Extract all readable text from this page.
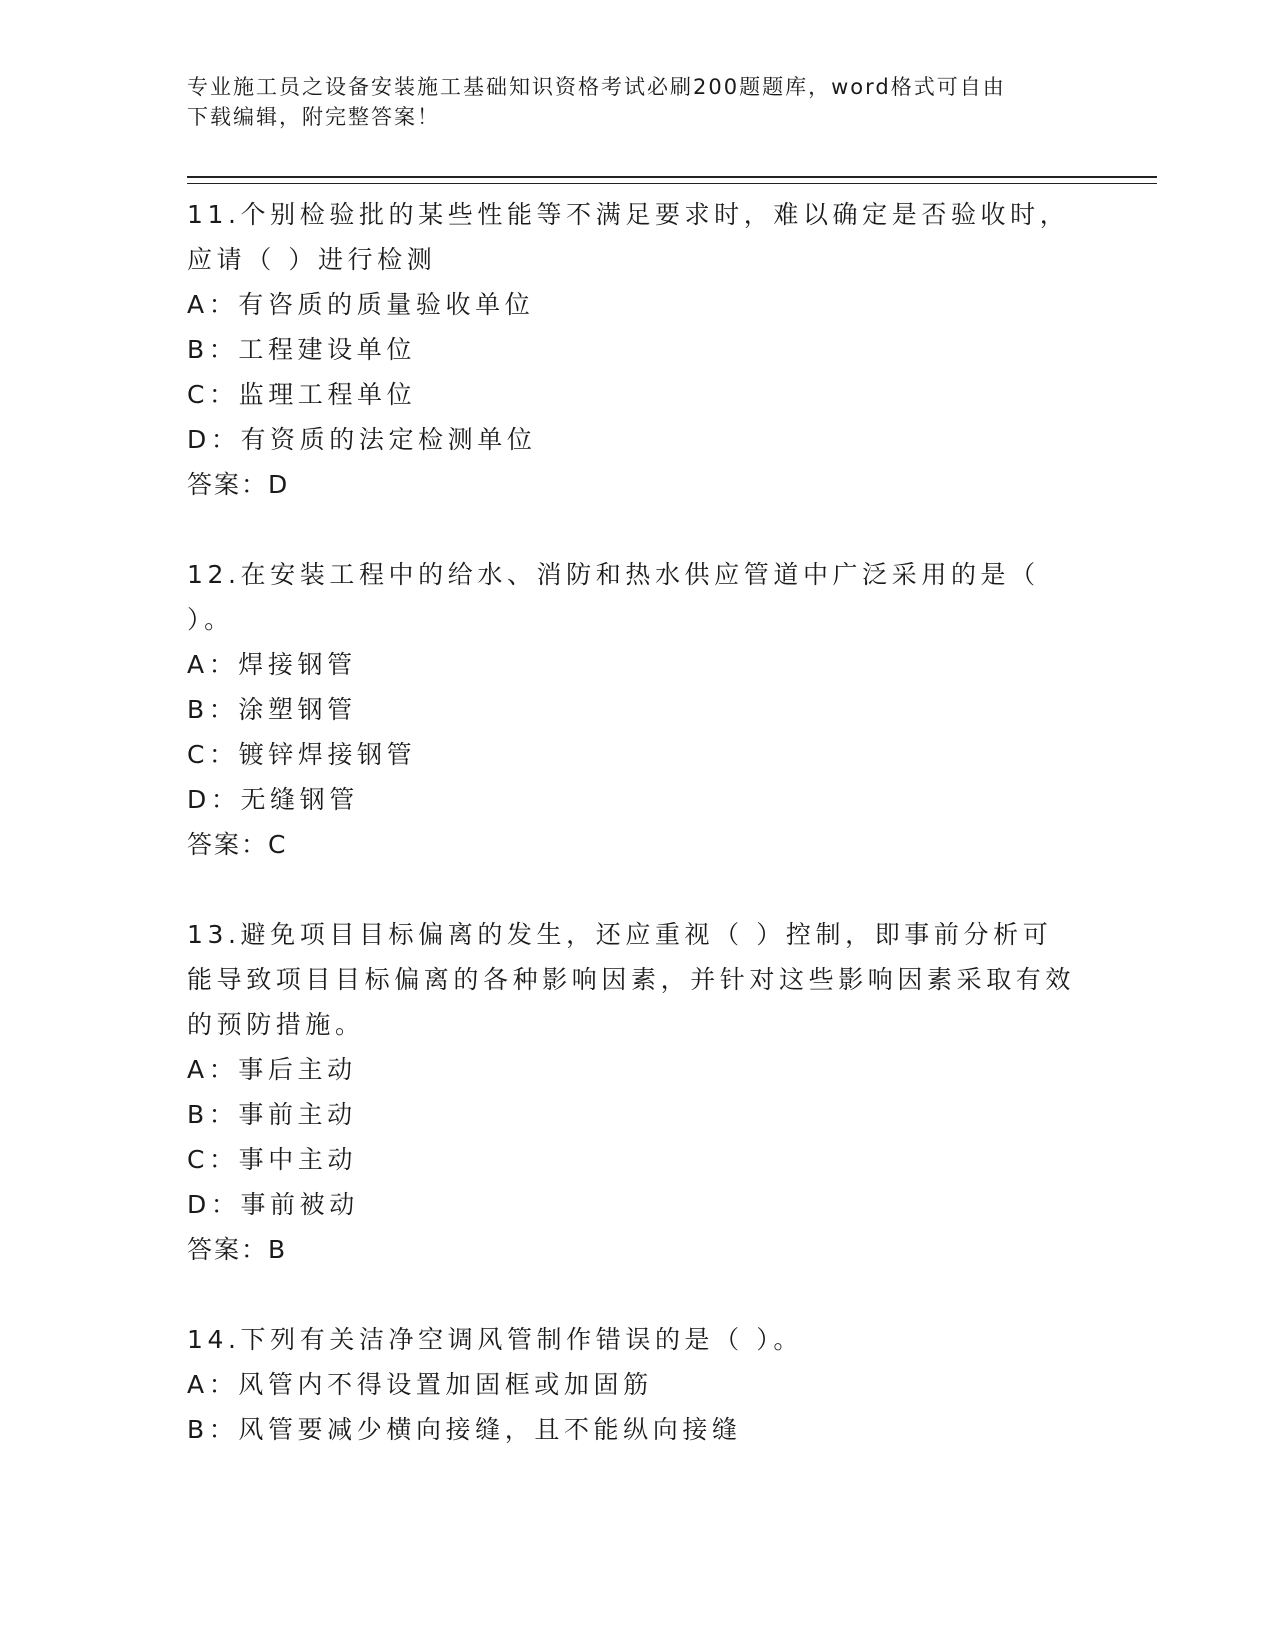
专业施工员之设备安装施工基础知识资格考试必刷200题题库，word格式可自由
下载编辑，附完整答案！

11.个别检验批的某些性能等不满足要求时，难以确定是否验收时，应请（ ）进行检测

A：有咨质的质量验收单位

B：工程建设单位

C：监理工程单位

D：有资质的法定检测单位

答案：D

12.在安装工程中的给水、消防和热水供应管道中广泛采用的是（ ）。

A：焊接钢管

B：涂塑钢管

C：镀锌焊接钢管

D：无缝钢管

答案：C

13.避免项目目标偏离的发生，还应重视（ ）控制，即事前分析可能导致项目目标偏离的各种影响因素，并针对这些影响因素采取有效的预防措施。

A：事后主动

B：事前主动

C：事中主动

D：事前被动

答案：B

14.下列有关洁净空调风管制作错误的是（ ）。

A：风管内不得设置加固框或加固筋

B：风管要减少横向接缝，且不能纵向接缝
